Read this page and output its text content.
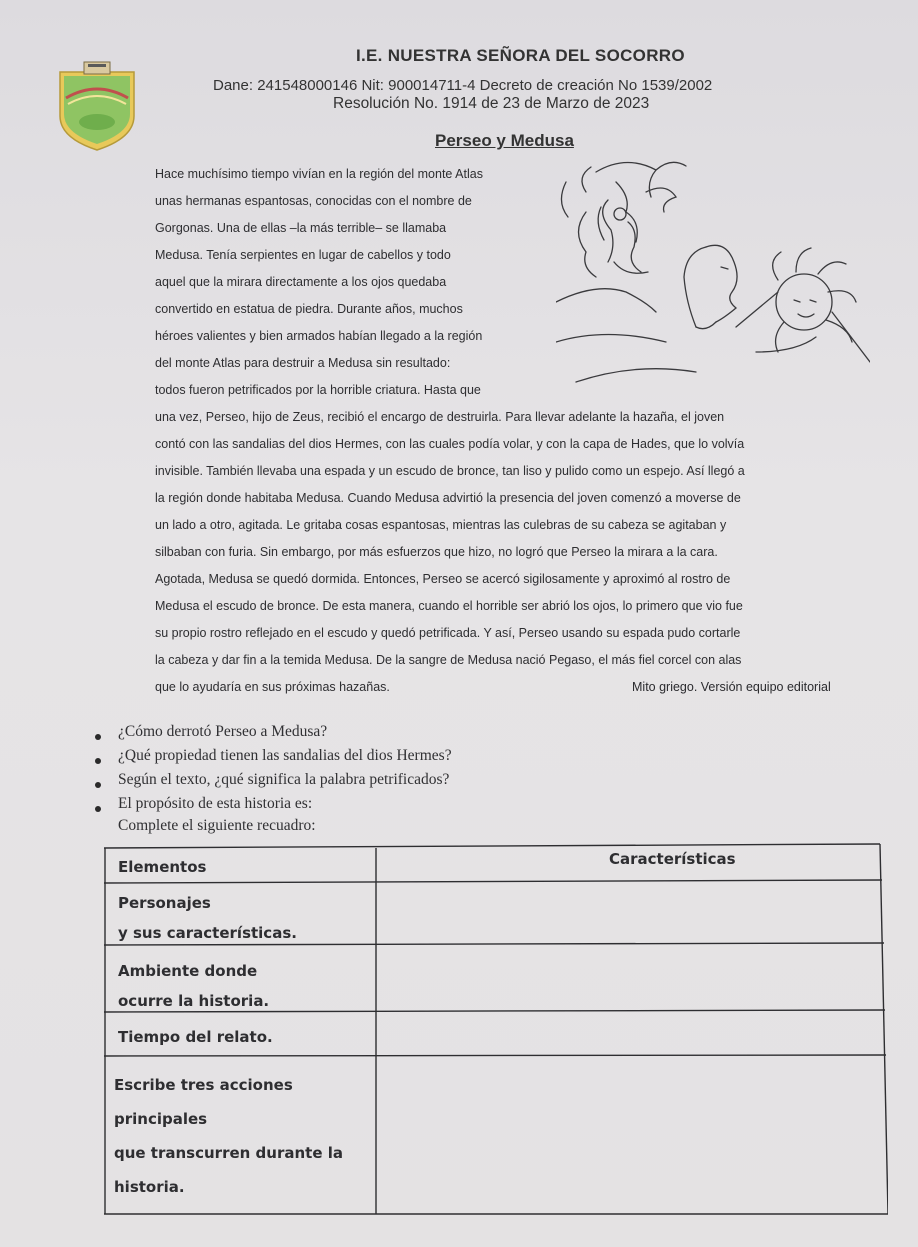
I.E. NUESTRA SEÑORA DEL SOCORRO
Dane: 241548000146 Nit: 900014711-4 Decreto de creación No 1539/2002
Resolución No. 1914 de 23 de Marzo de 2023
Perseo y Medusa
Hace muchísimo tiempo vivían en la región del monte Atlas
unas hermanas espantosas, conocidas con el nombre de
Gorgonas. Una de ellas –la más terrible– se llamaba
Medusa. Tenía serpientes en lugar de cabellos y todo
aquel que la mirara directamente a los ojos quedaba
convertido en estatua de piedra. Durante años, muchos
héroes valientes y bien armados habían llegado a la región
del monte Atlas para destruir a Medusa sin resultado:
todos fueron petrificados por la horrible criatura. Hasta que
una vez, Perseo, hijo de Zeus, recibió el encargo de destruirla. Para llevar adelante la hazaña, el joven
contó con las sandalias del dios Hermes, con las cuales podía volar, y con la capa de Hades, que lo volvía
invisible. También llevaba una espada y un escudo de bronce, tan liso y pulido como un espejo. Así llegó a
la región donde habitaba Medusa. Cuando Medusa advirtió la presencia del joven comenzó a moverse de
un lado a otro, agitada. Le gritaba cosas espantosas, mientras las culebras de su cabeza se agitaban y
silbaban con furia. Sin embargo, por más esfuerzos que hizo, no logró que Perseo la mirara a la cara.
Agotada, Medusa se quedó dormida. Entonces, Perseo se acercó sigilosamente y aproximó al rostro de
Medusa el escudo de bronce. De esta manera, cuando el horrible ser abrió los ojos, lo primero que vio fue
su propio rostro reflejado en el escudo y quedó petrificada. Y así, Perseo usando su espada pudo cortarle
la cabeza y dar fin a la temida Medusa. De la sangre de Medusa nació Pegaso, el más fiel corcel con alas
que lo ayudaría en sus próximas hazañas.	Mito griego. Versión equipo editorial
¿Cómo derrotó Perseo a Medusa?
¿Qué propiedad tienen las sandalias del dios Hermes?
Según el texto, ¿qué significa la palabra petrificados?
El propósito de esta historia es:
Complete el siguiente recuadro:
Elementos	Características
Personajes
y sus características.
Ambiente donde
ocurre la historia.
Tiempo del relato.
Escribe tres acciones
principales
que transcurren durante la
historia.
